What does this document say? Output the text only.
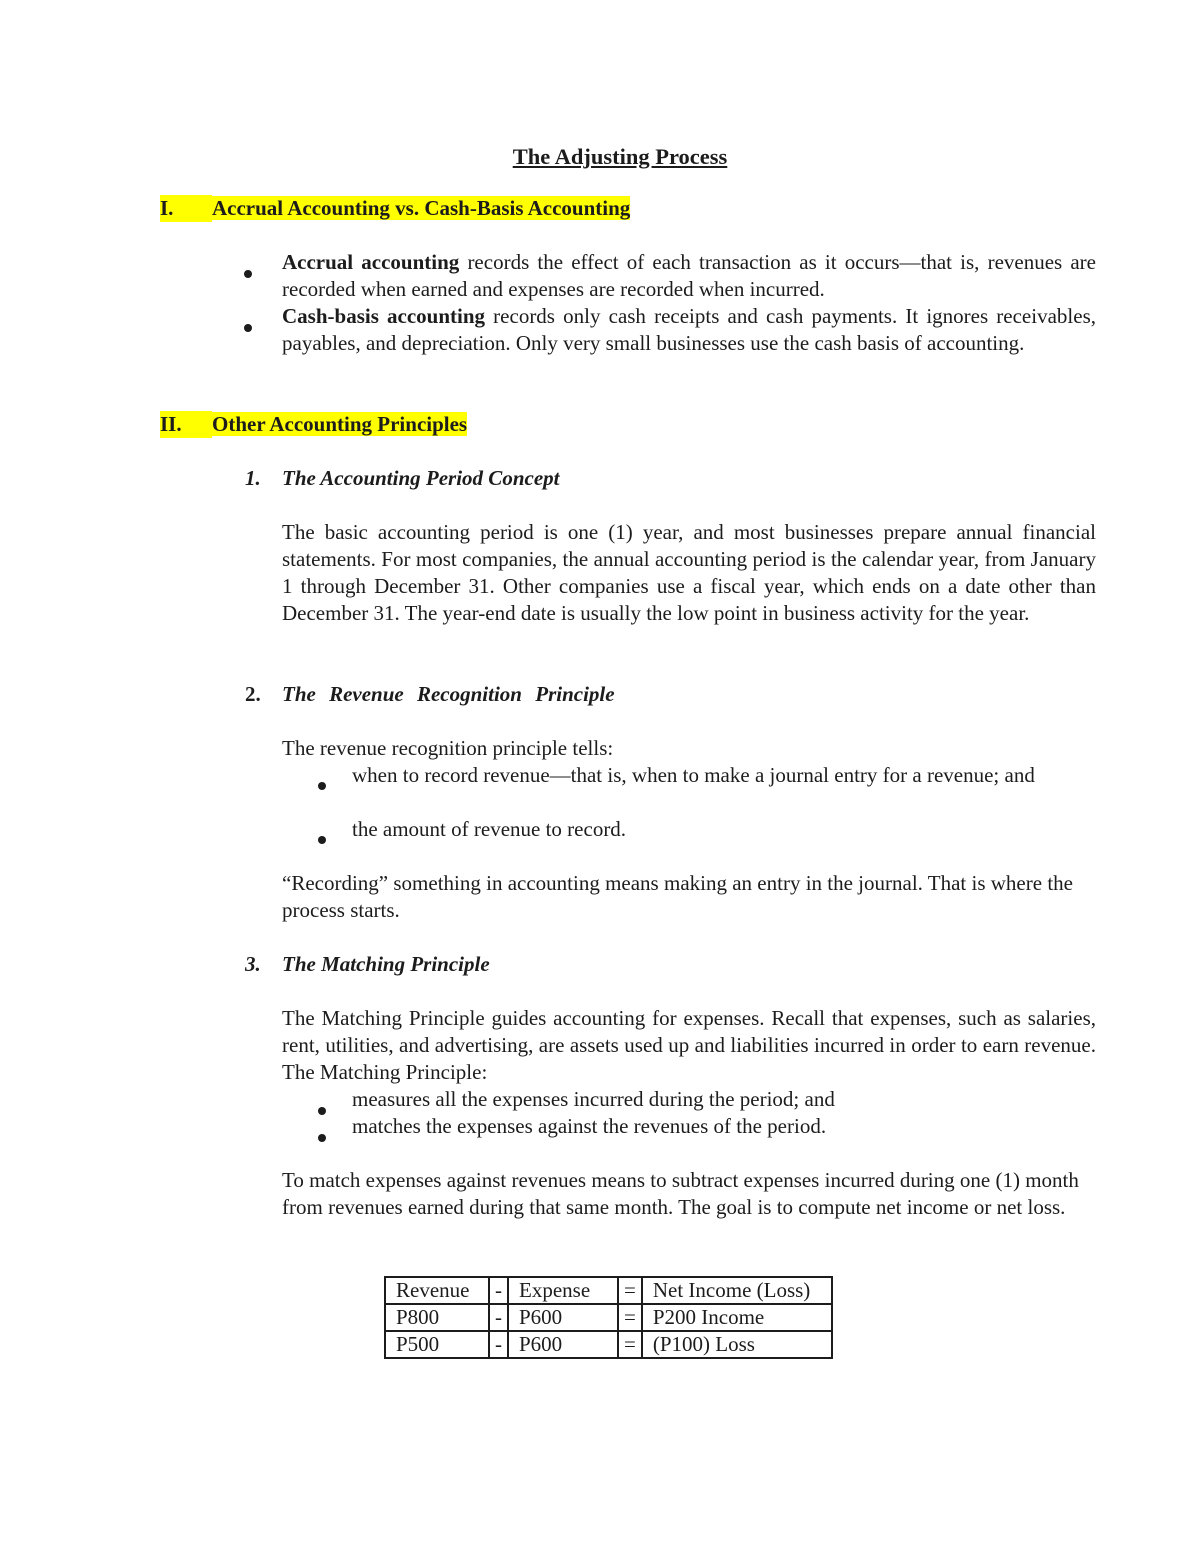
The Adjusting Process
I. Accrual Accounting vs. Cash-Basis Accounting
Accrual accounting records the effect of each transaction as it occurs—that is, revenues are recorded when earned and expenses are recorded when incurred.
Cash-basis accounting records only cash receipts and cash payments. It ignores receivables, payables, and depreciation. Only very small businesses use the cash basis of accounting.
II. Other Accounting Principles
1. The Accounting Period Concept
The basic accounting period is one (1) year, and most businesses prepare annual financial statements. For most companies, the annual accounting period is the calendar year, from January 1 through December 31. Other companies use a fiscal year, which ends on a date other than December 31. The year-end date is usually the low point in business activity for the year.
2. The Revenue Recognition Principle
The revenue recognition principle tells:
when to record revenue—that is, when to make a journal entry for a revenue; and
the amount of revenue to record.
“Recording” something in accounting means making an entry in the journal. That is where the process starts.
3. The Matching Principle
The Matching Principle guides accounting for expenses. Recall that expenses, such as salaries, rent, utilities, and advertising, are assets used up and liabilities incurred in order to earn revenue. The Matching Principle:
measures all the expenses incurred during the period; and
matches the expenses against the revenues of the period.
To match expenses against revenues means to subtract expenses incurred during one (1) month from revenues earned during that same month. The goal is to compute net income or net loss.
Revenue	-	Expense	=	Net Income (Loss)
P800	-	P600	=	P200 Income
P500	-	P600	=	(P100) Loss
